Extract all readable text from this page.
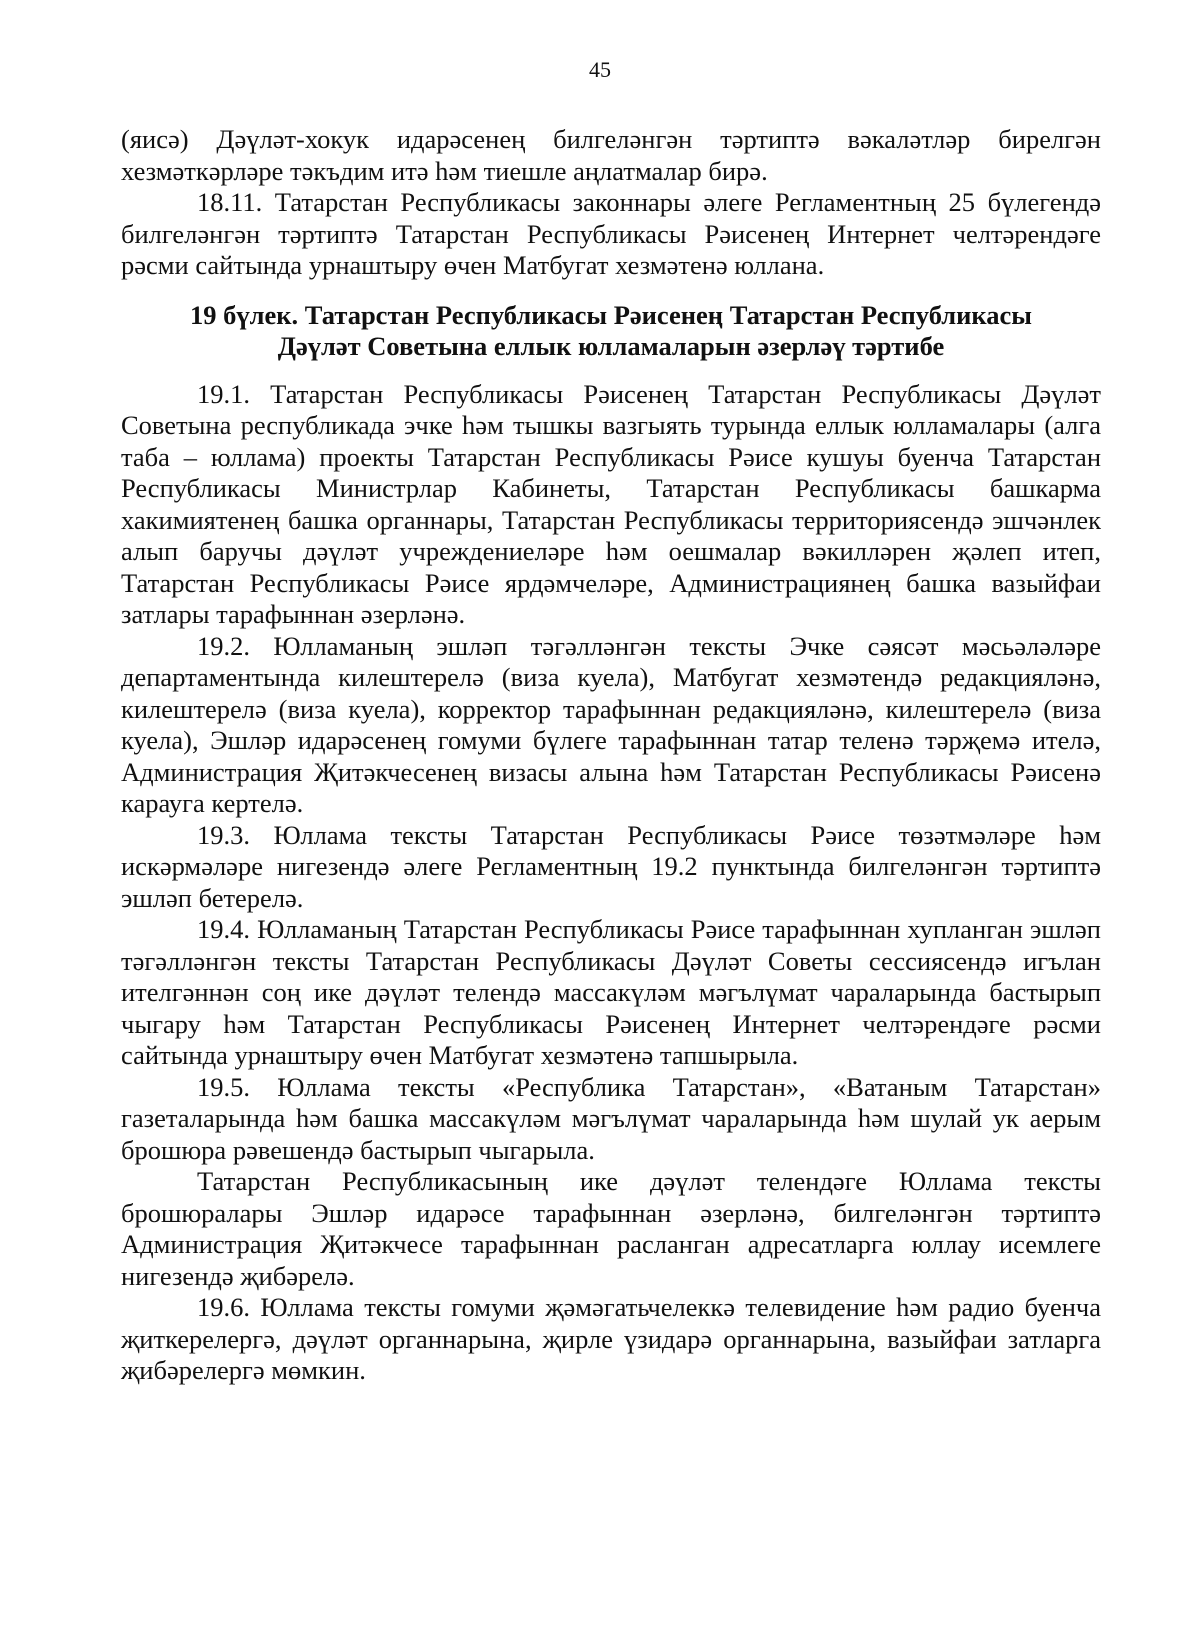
45

(яисә) Дәүләт-хокук идарәсенең билгеләнгән тәртиптә вәкаләтләр бирелгән хезмәткәрләре тәкъдим итә һәм тиешле аңлатмалар бирә.

18.11. Татарстан Республикасы законнары әлеге Регламентның 25 бүлегендә билгеләнгән тәртиптә Татарстан Республикасы Рәисенең Интернет челтәрендәге рәсми сайтында урнаштыру өчен Матбугат хезмәтенә юллана.

19 бүлек. Татарстан Республикасы Рәисенең Татарстан Республикасы
Дәүләт Советына еллык юлламаларын әзерләү тәртибе

19.1. Татарстан Республикасы Рәисенең Татарстан Республикасы Дәүләт Советына республикада эчке һәм тышкы вазгыять турында еллык юлламалары (алга таба – юллама) проекты Татарстан Республикасы Рәисе кушуы буенча Татарстан Республикасы Министрлар Кабинеты, Татарстан Республикасы башкарма хакимиятенең башка органнары, Татарстан Республикасы территориясендә эшчәнлек алып баручы дәүләт учреждениеләре һәм оешмалар вәкилләрен җәлеп итеп, Татарстан Республикасы Рәисе ярдәмчеләре, Администрациянең башка вазыйфаи затлары тарафыннан әзерләнә.

19.2. Юлламаның эшләп тәгәлләнгән тексты Эчке сәясәт мәсьәләләре департаментында килештерелә (виза куела), Матбугат хезмәтендә редакцияләнә, килештерелә (виза куела), корректор тарафыннан редакцияләнә, килештерелә (виза куела), Эшләр идарәсенең гомуми бүлеге тарафыннан татар теленә тәрҗемә ителә, Администрация Җитәкчесенең визасы алына һәм Татарстан Республикасы Рәисенә карауга кертелә.

19.3. Юллама тексты Татарстан Республикасы Рәисе төзәтмәләре һәм искәрмәләре нигезендә әлеге Регламентның 19.2 пунктында билгеләнгән тәртиптә эшләп бетерелә.

19.4. Юлламаның Татарстан Республикасы Рәисе тарафыннан хупланган эшләп тәгәлләнгән тексты Татарстан Республикасы Дәүләт Советы сессиясендә игълан ителгәннән соң ике дәүләт телендә массакүләм мәгълүмат чараларында бастырып чыгару һәм Татарстан Республикасы Рәисенең Интернет челтәрендәге рәсми сайтында урнаштыру өчен Матбугат хезмәтенә тапшырыла.

19.5. Юллама тексты «Республика Татарстан», «Ватаным Татарстан» газеталарында һәм башка массакүләм мәгълүмат чараларында һәм шулай ук аерым брошюра рәвешендә бастырып чыгарыла.

Татарстан Республикасының ике дәүләт телендәге Юллама тексты брошюралары Эшләр идарәсе тарафыннан әзерләнә, билгеләнгән тәртиптә Администрация Җитәкчесе тарафыннан расланган адресатларга юллау исемлеге нигезендә җибәрелә.

19.6. Юллама тексты гомуми җәмәгатьчелеккә телевидение һәм радио буенча җиткерелергә, дәүләт органнарына, җирле үзидарә органнарына, вазыйфаи затларга җибәрелергә мөмкин.
